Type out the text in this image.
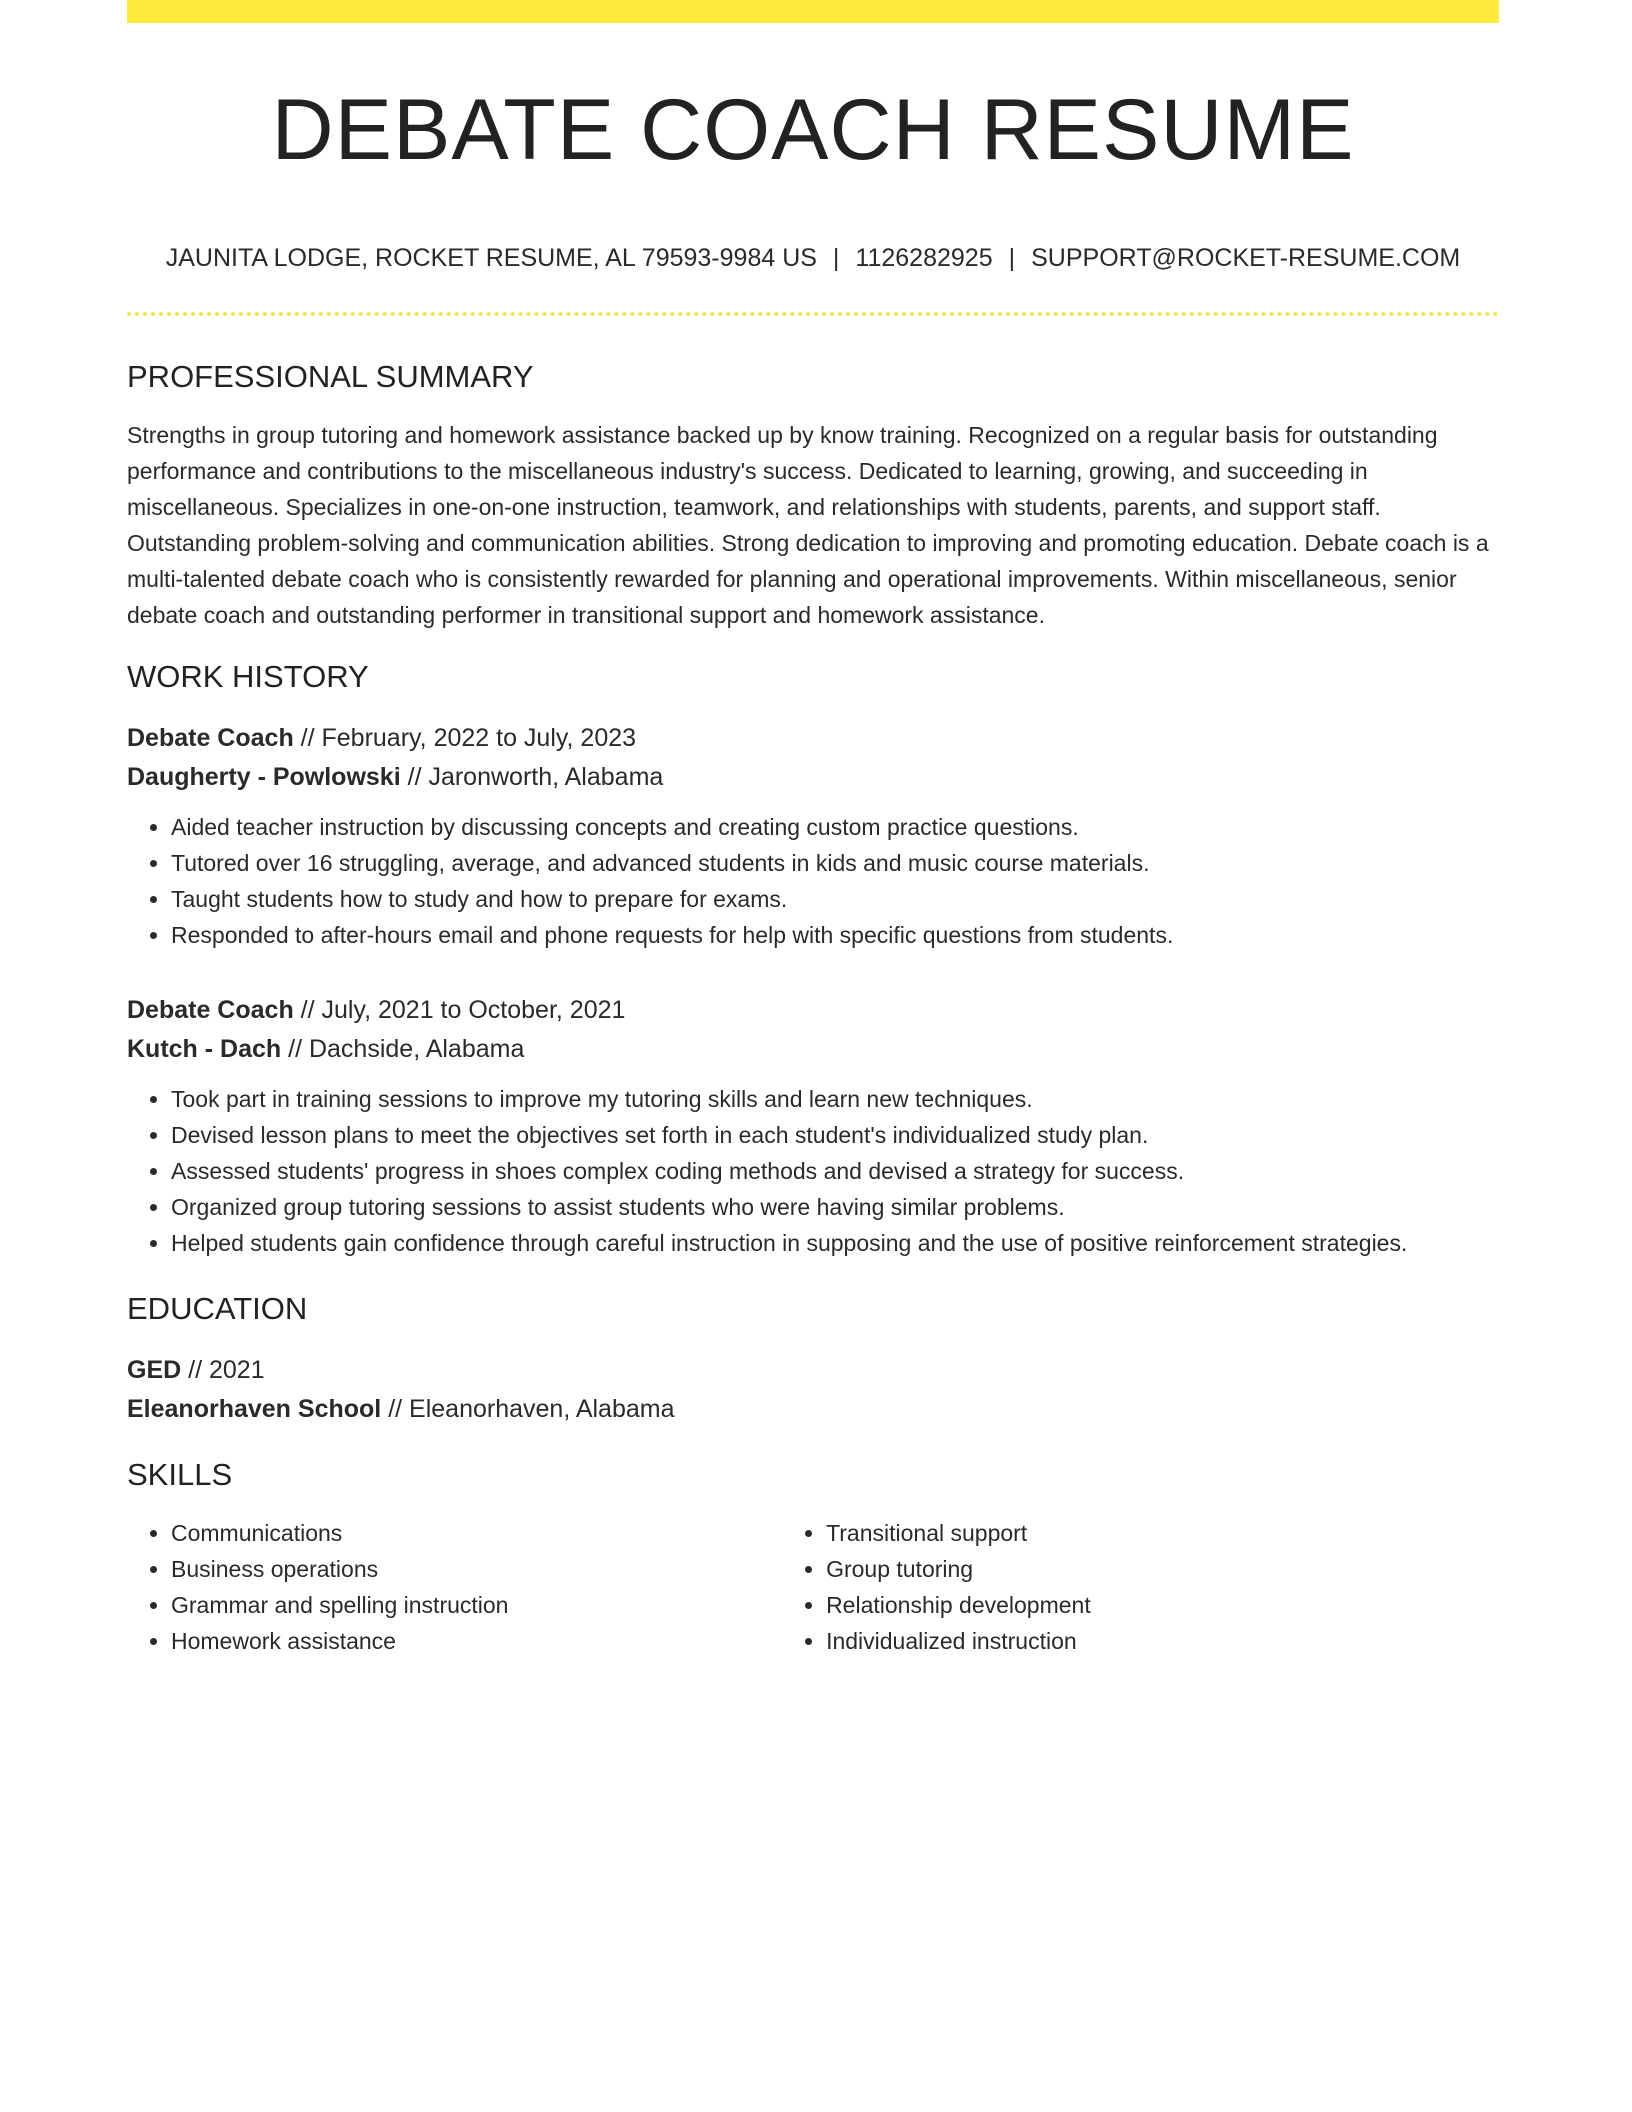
DEBATE COACH RESUME
JAUNITA LODGE, ROCKET RESUME, AL 79593-9984 US | 1126282925 | SUPPORT@ROCKET-RESUME.COM
PROFESSIONAL SUMMARY

Strengths in group tutoring and homework assistance backed up by know training. Recognized on a regular basis for outstanding performance and contributions to the miscellaneous industry's success. Dedicated to learning, growing, and succeeding in miscellaneous. Specializes in one-on-one instruction, teamwork, and relationships with students, parents, and support staff. Outstanding problem-solving and communication abilities. Strong dedication to improving and promoting education. Debate coach is a multi-talented debate coach who is consistently rewarded for planning and operational improvements. Within miscellaneous, senior debate coach and outstanding performer in transitional support and homework assistance.

WORK HISTORY
Debate Coach // February, 2022 to July, 2023
Daugherty - Powlowski // Jaronworth, Alabama
• Aided teacher instruction by discussing concepts and creating custom practice questions.
• Tutored over 16 struggling, average, and advanced students in kids and music course materials.
• Taught students how to study and how to prepare for exams.
• Responded to after-hours email and phone requests for help with specific questions from students.
Debate Coach // July, 2021 to October, 2021
Kutch - Dach // Dachside, Alabama
• Took part in training sessions to improve my tutoring skills and learn new techniques.
• Devised lesson plans to meet the objectives set forth in each student's individualized study plan.
• Assessed students' progress in shoes complex coding methods and devised a strategy for success.
• Organized group tutoring sessions to assist students who were having similar problems.
• Helped students gain confidence through careful instruction in supposing and the use of positive reinforcement strategies.
EDUCATION
GED // 2021
Eleanorhaven School // Eleanorhaven, Alabama
SKILLS
• Communications
• Business operations
• Grammar and spelling instruction
• Homework assistance
• Transitional support
• Group tutoring
• Relationship development
• Individualized instruction
